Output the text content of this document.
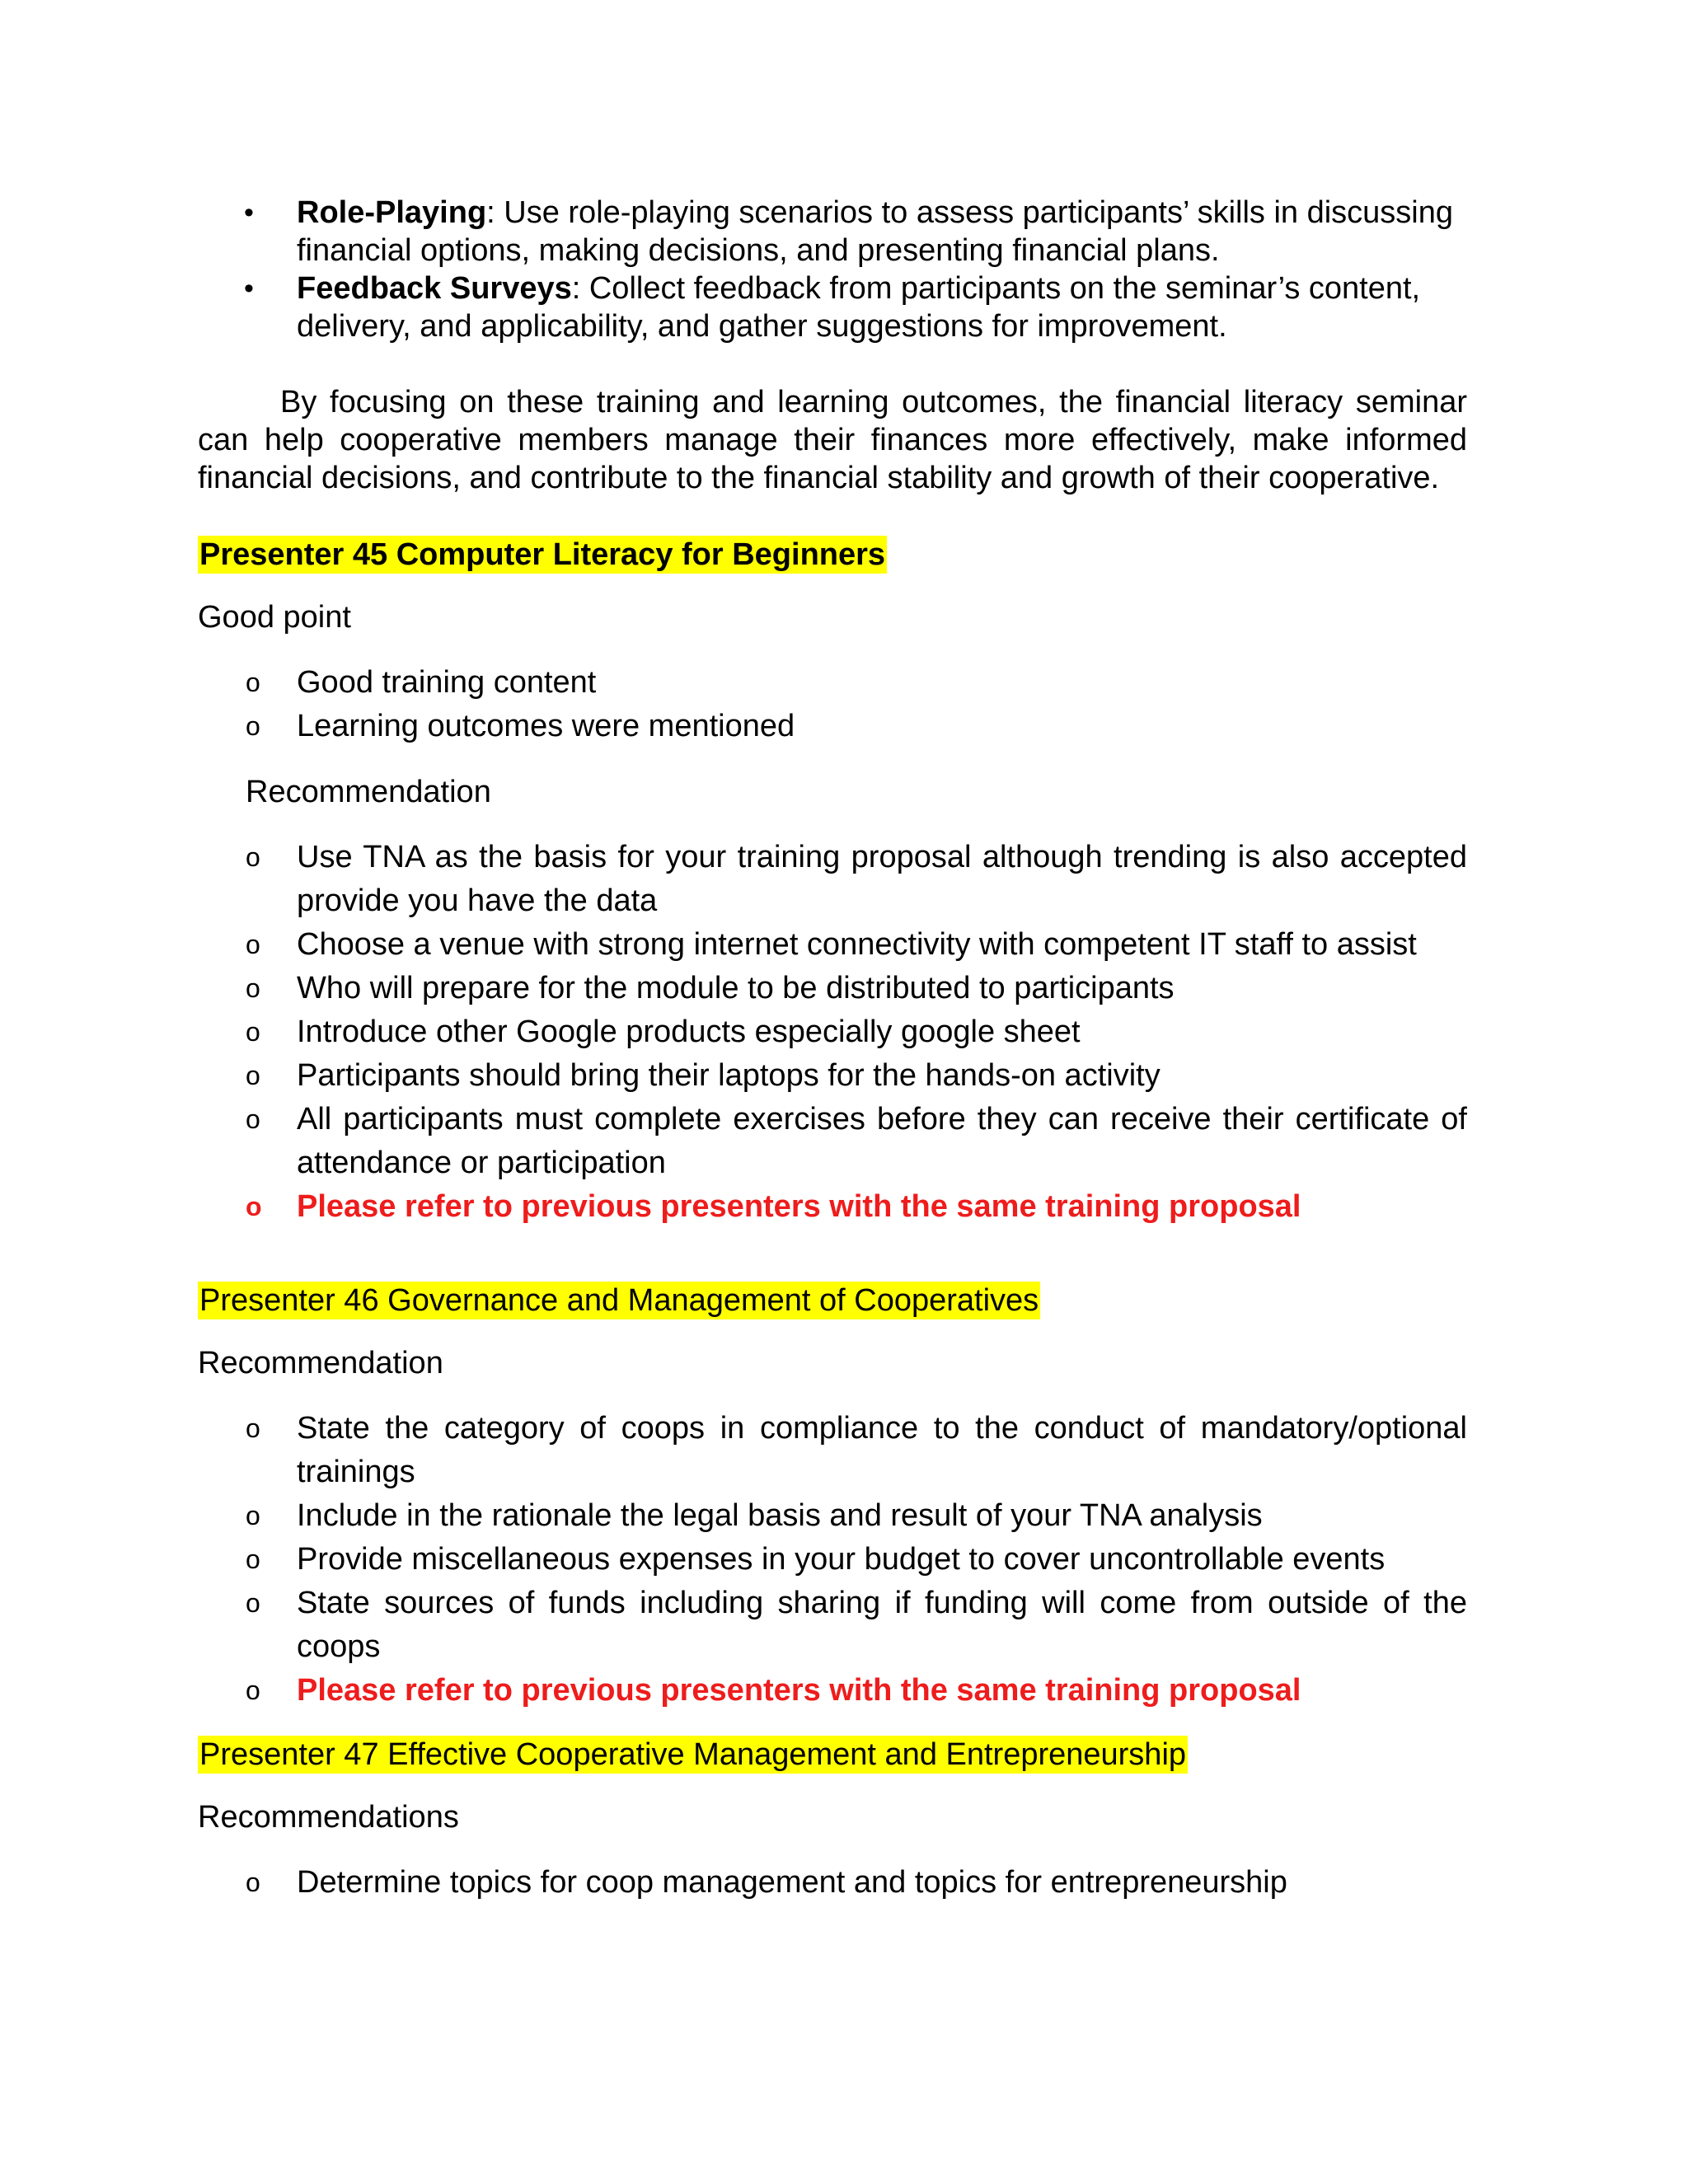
• Role-Playing: Use role-playing scenarios to assess participants’ skills in discussing financial options, making decisions, and presenting financial plans.
• Feedback Surveys: Collect feedback from participants on the seminar’s content, delivery, and applicability, and gather suggestions for improvement.
By focusing on these training and learning outcomes, the financial literacy seminar can help cooperative members manage their finances more effectively, make informed financial decisions, and contribute to the financial stability and growth of their cooperative.
Presenter 45 Computer Literacy for Beginners
Good point
o Good training content
o Learning outcomes were mentioned
Recommendation
o Use TNA as the basis for your training proposal although trending is also accepted provide you have the data
o Choose a venue with strong internet connectivity with competent IT staff to assist
o Who will prepare for the module to be distributed to participants
o Introduce other Google products especially google sheet
o Participants should bring their laptops for the hands-on activity
o All participants must complete exercises before they can receive their certificate of attendance or participation
o Please refer to previous presenters with the same training proposal
Presenter 46 Governance and Management of Cooperatives
Recommendation
o State the category of coops in compliance to the conduct of mandatory/optional trainings
o Include in the rationale the legal basis and result of your TNA analysis
o Provide miscellaneous expenses in your budget to cover uncontrollable events
o State sources of funds including sharing if funding will come from outside of the coops
o Please refer to previous presenters with the same training proposal
Presenter 47 Effective Cooperative Management and Entrepreneurship
Recommendations
o Determine topics for coop management and topics for entrepreneurship
